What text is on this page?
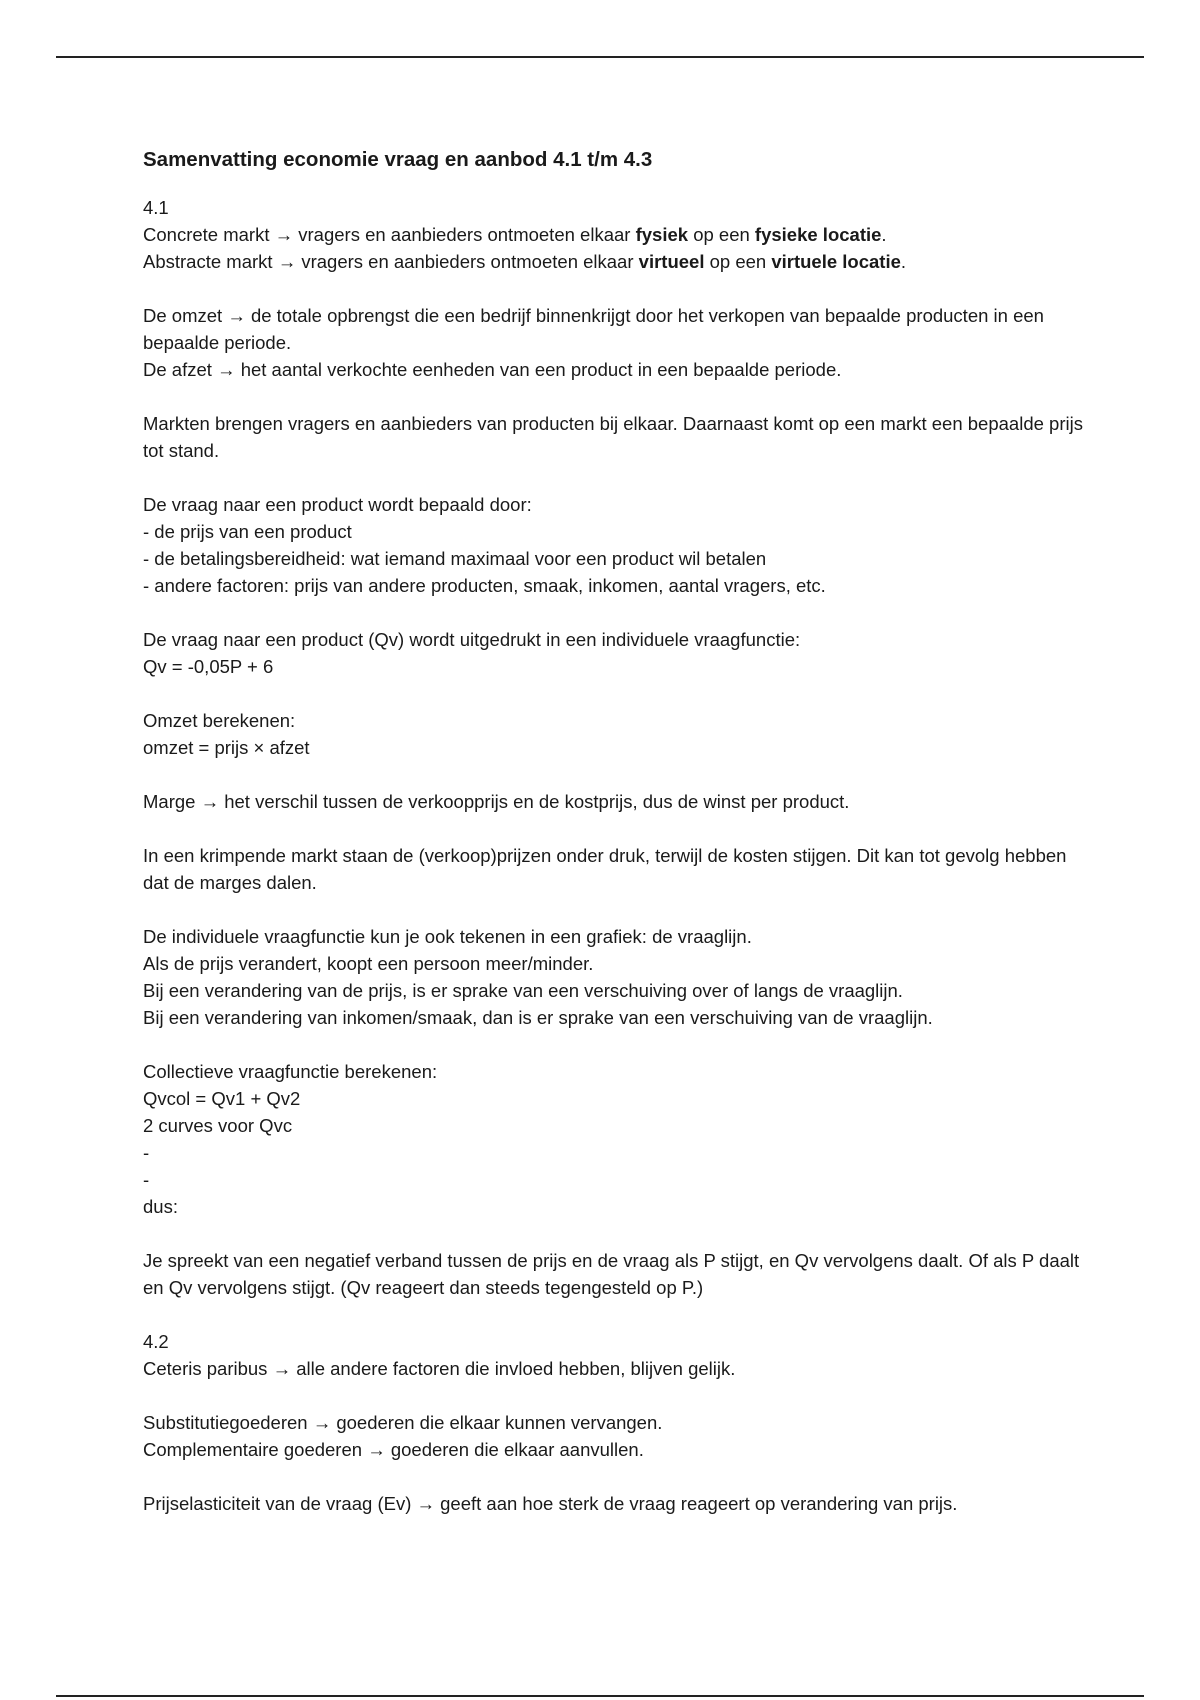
Samenvatting economie vraag en aanbod 4.1 t/m 4.3
4.1
Concrete markt → vragers en aanbieders ontmoeten elkaar fysiek op een fysieke locatie.
Abstracte markt → vragers en aanbieders ontmoeten elkaar virtueel op een virtuele locatie.
De omzet → de totale opbrengst die een bedrijf binnenkrijgt door het verkopen van bepaalde producten in een bepaalde periode.
De afzet → het aantal verkochte eenheden van een product in een bepaalde periode.
Markten brengen vragers en aanbieders van producten bij elkaar. Daarnaast komt op een markt een bepaalde prijs tot stand.
De vraag naar een product wordt bepaald door:
- de prijs van een product
- de betalingsbereidheid: wat iemand maximaal voor een product wil betalen
- andere factoren: prijs van andere producten, smaak, inkomen, aantal vragers, etc.
De vraag naar een product (Qv) wordt uitgedrukt in een individuele vraagfunctie:
Qv = -0,05P + 6
Omzet berekenen:
omzet = prijs × afzet
Marge → het verschil tussen de verkoopprijs en de kostprijs, dus de winst per product.
In een krimpende markt staan de (verkoop)prijzen onder druk, terwijl de kosten stijgen. Dit kan tot gevolg hebben dat de marges dalen.
De individuele vraagfunctie kun je ook tekenen in een grafiek: de vraaglijn.
Als de prijs verandert, koopt een persoon meer/minder.
Bij een verandering van de prijs, is er sprake van een verschuiving over of langs de vraaglijn.
Bij een verandering van inkomen/smaak, dan is er sprake van een verschuiving van de vraaglijn.
Collectieve vraagfunctie berekenen:
Qvcol = Qv1 + Qv2
2 curves voor Qvc
-
-
dus:
Je spreekt van een negatief verband tussen de prijs en de vraag als P stijgt, en Qv vervolgens daalt. Of als P daalt en Qv vervolgens stijgt. (Qv reageert dan steeds tegengesteld op P.)
4.2
Ceteris paribus → alle andere factoren die invloed hebben, blijven gelijk.
Substitutiegoederen → goederen die elkaar kunnen vervangen.
Complementaire goederen → goederen die elkaar aanvullen.
Prijselasticiteit van de vraag (Ev) → geeft aan hoe sterk de vraag reageert op verandering van prijs.
